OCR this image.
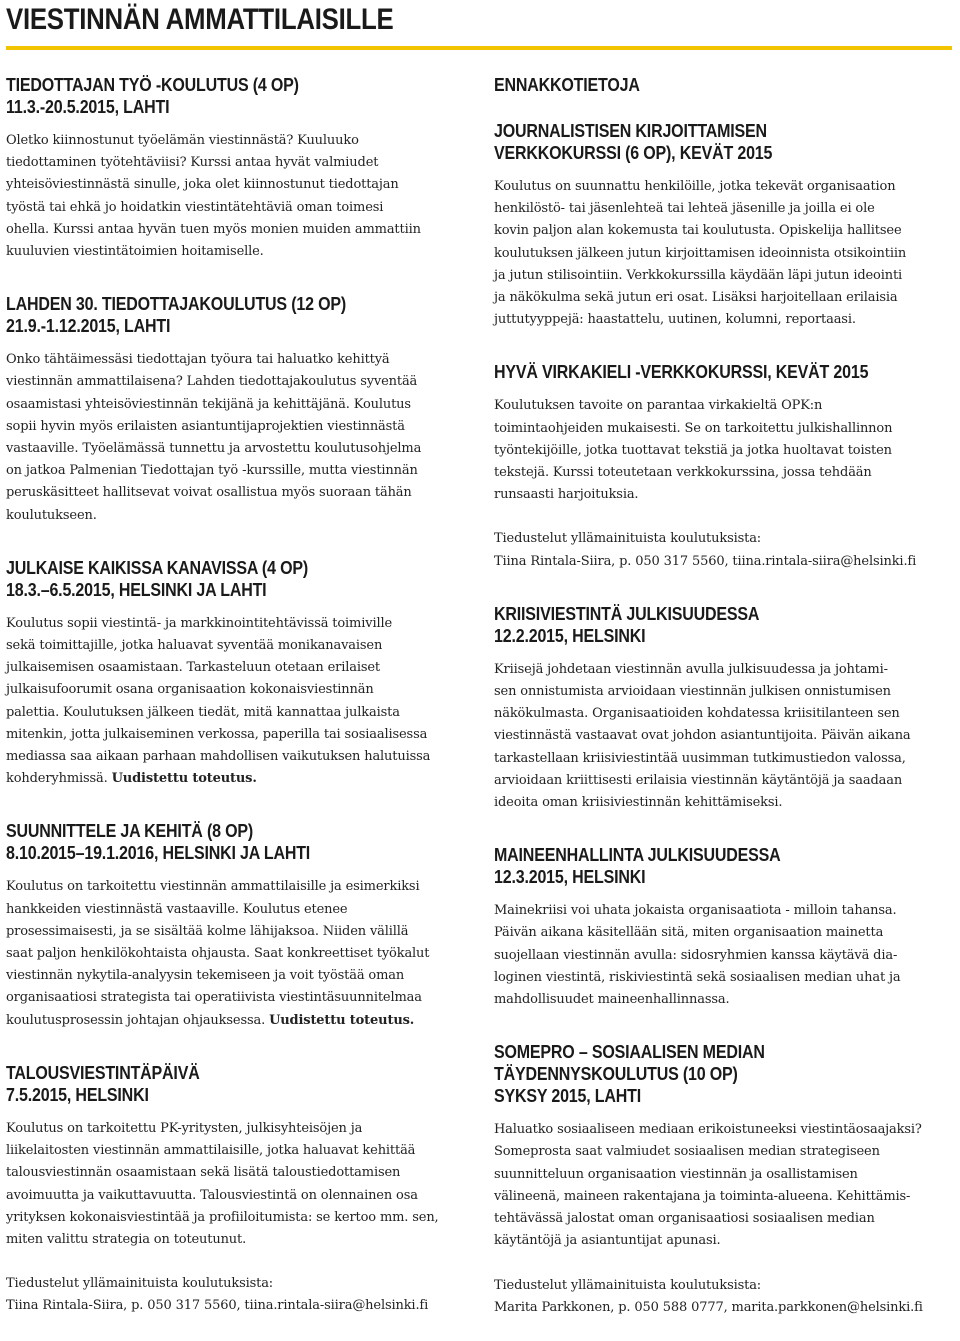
VIESTINNÄN AMMATTILAISILLE
TIEDOTTAJAN TYÖ -KOULUTUS (4 OP)
11.3.-20.5.2015, LAHTI

Oletko kiinnostunut työelämän viestinnästä? Kuuluuko
tiedottaminen työtehtäviisi? Kurssi antaa hyvät valmiudet
yhteisöviestinnästä sinulle, joka olet kiinnostunut tiedottajan
työstä tai ehkä jo hoidatkin viestintätehtäviä oman toimesi
ohella. Kurssi antaa hyvän tuen myös monien muiden ammattiin
kuuluvien viestintätoimien hoitamiselle.

LAHDEN 30. TIEDOTTAJAKOULUTUS (12 OP)
21.9.-1.12.2015, LAHTI

Onko tähtäimessäsi tiedottajan työura tai haluatko kehittyä
viestinnän ammattilaisena? Lahden tiedottajakoulutus syventää
osaamistasi yhteisöviestinnän tekijänä ja kehittäjänä. Koulutus
sopii hyvin myös erilaisten asiantuntijaprojektien viestinnästä
vastaaville. Työelämässä tunnettu ja arvostettu koulutusohjelma
on jatkoa Palmenian Tiedottajan työ -kurssille, mutta viestinnän
peruskäsitteet hallitsevat voivat osallistua myös suoraan tähän
koulutukseen.

JULKAISE KAIKISSA KANAVISSA (4 OP)
18.3.–6.5.2015, HELSINKI JA LAHTI

Koulutus sopii viestintä- ja markkinointitehtävissä toimiville
sekä toimittajille, jotka haluavat syventää monikanavaisen
julkaisemisen osaamistaan. Tarkasteluun otetaan erilaiset
julkaisufoorumit osana organisaation kokonaisviestinnän
palettia. Koulutuksen jälkeen tiedät, mitä kannattaa julkaista
mitenkin, jotta julkaiseminen verkossa, paperilla tai sosiaalisessa
mediassa saa aikaan parhaan mahdollisen vaikutuksen halutuissa
kohderyhmissä. Uudistettu toteutus.

SUUNNITTELE JA KEHITÄ (8 OP)
8.10.2015–19.1.2016, HELSINKI JA LAHTI

Koulutus on tarkoitettu viestinnän ammattilaisille ja esimerkiksi
hankkeiden viestinnästä vastaaville. Koulutus etenee
prosessimaisesti, ja se sisältää kolme lähijaksoa. Niiden välillä
saat paljon henkilökohtaista ohjausta. Saat konkreettiset työkalut
viestinnän nykytila-analyysin tekemiseen ja voit työstää oman
organisaatiosi strategista tai operatiivista viestintäsuunnitelmaa
koulutusprosessin johtajan ohjauksessa. Uudistettu toteutus.

TALOUSVIESTINTÄPÄIVÄ
7.5.2015, HELSINKI

Koulutus on tarkoitettu PK-yritysten, julkisyhteisöjen ja
liikelaitosten viestinnän ammattilaisille, jotka haluavat kehittää
talousviestinnän osaamistaan sekä lisätä taloustiedottamisen
avoimuutta ja vaikuttavuutta. Talousviestintä on olennainen osa
yrityksen kokonaisviestintää ja profiiloitumista: se kertoo mm. sen,
miten valittu strategia on toteutunut.

Tiedustelut yllämainituista koulutuksista:
Tiina Rintala-Siira, p. 050 317 5560, tiina.rintala-siira@helsinki.fi

ENNAKKOTIETOJA
JOURNALISTISEN KIRJOITTAMISEN
VERKKOKURSSI (6 OP), KEVÄT 2015

Koulutus on suunnattu henkilöille, jotka tekevät organisaation
henkilöstö- tai jäsenlehteä tai lehteä jäsenille ja joilla ei ole
kovin paljon alan kokemusta tai koulutusta. Opiskelija hallitsee
koulutuksen jälkeen jutun kirjoittamisen ideoinnista otsikointiin
ja jutun stilisointiin. Verkkokurssilla käydään läpi jutun ideointi
ja näkökulma sekä jutun eri osat. Lisäksi harjoitellaan erilaisia
juttutyyppejä: haastattelu, uutinen, kolumni, reportaasi.

HYVÄ VIRKAKIELI -VERKKOKURSSI, KEVÄT 2015

Koulutuksen tavoite on parantaa virkakieltä OPK:n
toimintaohjeiden mukaisesti. Se on tarkoitettu julkishallinnon
työntekijöille, jotka tuottavat tekstiä ja jotka huoltavat toisten
tekstejä. Kurssi toteutetaan verkkokurssina, jossa tehdään
runsaasti harjoituksia.

Tiedustelut yllämainituista koulutuksista:
Tiina Rintala-Siira, p. 050 317 5560, tiina.rintala-siira@helsinki.fi

KRIISIVIESTINTÄ JULKISUUDESSA
12.2.2015, HELSINKI

Kriisejä johdetaan viestinnän avulla julkisuudessa ja johtami-
sen onnistumista arvioidaan viestinnän julkisen onnistumisen
näkökulmasta. Organisaatioiden kohdatessa kriisitilanteen sen
viestinnästä vastaavat ovat johdon asiantuntijoita. Päivän aikana
tarkastellaan kriisiviestintää uusimman tutkimustiedon valossa,
arvioidaan kriittisesti erilaisia viestinnän käytäntöjä ja saadaan
ideoita oman kriisiviestinnän kehittämiseksi.

MAINEENHALLINTA JULKISUUDESSA
12.3.2015, HELSINKI

Mainekriisi voi uhata jokaista organisaatiota - milloin tahansa.
Päivän aikana käsitellään sitä, miten organisaation mainetta
suojellaan viestinnän avulla: sidosryhmien kanssa käytävä dia-
loginen viestintä, riskiviestintä sekä sosiaalisen median uhat ja
mahdollisuudet maineenhallinnassa.

SOMEPRO – SOSIAALISEN MEDIAN
TÄYDENNYSKOULUTUS (10 OP)
SYKSY 2015, LAHTI

Haluatko sosiaaliseen mediaan erikoistuneeksi viestintäosaajaksi?
Someprosta saat valmiudet sosiaalisen median strategiseen
suunnitteluun organisaation viestinnän ja osallistamisen
välineenä, maineen rakentajana ja toiminta-alueena. Kehittämis-
tehtävässä jalostat oman organisaatiosi sosiaalisen median
käytäntöjä ja asiantuntijat apunasi.

Tiedustelut yllämainituista koulutuksista:
Marita Parkkonen, p. 050 588 0777, marita.parkkonen@helsinki.fi
